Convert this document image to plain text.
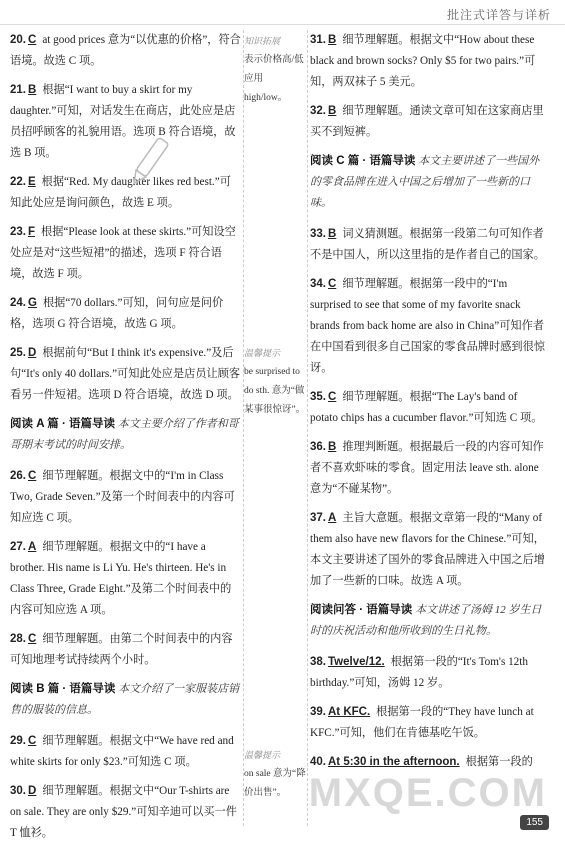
批注式详答与详析

20. C at good prices 意为“以优惠的价格”，符合语境。故选 C 项。

21. B 根据“I want to buy a skirt for my daughter.”可知，对话发生在商店，此处应是店员招呼顾客的礼貌用语。选项 B 符合语境，故选 B 项。

22. E 根据“Red. My daughter likes red best.”可知此处应是询问颜色，故选 E 项。

23. F 根据“Please look at these skirts.”可知设空处应是对“这些短裙”的描述，选项 F 符合语境，故选 F 项。

24. G 根据“70 dollars.”可知，问句应是问价格，选项 G 符合语境，故选 G 项。

25. D 根据前句“But I think it's expensive.”及后句“It's only 40 dollars.”可知此处应是店员让顾客看另一件短裙。选项 D 符合语境，故选 D 项。

阅读 A 篇 · 语篇导读 本文主要介绍了作者和哥哥期末考试的时间安排。

26. C 细节理解题。根据文中的“I'm in Class Two, Grade Seven.”及第一个时间表中的内容可知应选 C 项。

27. A 细节理解题。根据文中的“I have a brother. His name is Li Yu. He's thirteen. He's in Class Three, Grade Eight.”及第二个时间表中的内容可知应选 A 项。

28. C 细节理解题。由第二个时间表中的内容可知地理考试持续两个小时。

阅读 B 篇 · 语篇导读 本文介绍了一家服装店销售的服装的信息。

29. C 细节理解题。根据文中“We have red and white skirts for only $23.”可知选 C 项。

30. D 细节理解题。根据文中“Our T-shirts are on sale. They are only $29.”可知辛迪可以买一件 T 恤衫。

知识拓展
表示价格高/低应用 high/low。
温馨提示
be surprised to do sth. 意为“做某事很惊讶”。
温馨提示
on sale 意为“降价出售”。

31. B 细节理解题。根据文中“How about these black and brown socks? Only $5 for two pairs.”可知，两双袜子 5 美元。

32. B 细节理解题。通读文章可知在这家商店里买不到短裤。

阅读 C 篇 · 语篇导读 本文主要讲述了一些国外的零食品牌在进入中国之后增加了一些新的口味。

33. B 词义猜测题。根据第一段第二句可知作者不是中国人，所以这里指的是作者自己的国家。

34. C 细节理解题。根据第一段中的“I'm surprised to see that some of my favorite snack brands from back home are also in China”可知作者在中国看到很多自己国家的零食品牌时感到很惊讶。

35. C 细节理解题。根据“The Lay's band of potato chips has a cucumber flavor.”可知选 C 项。

36. B 推理判断题。根据最后一段的内容可知作者不喜欢虾味的零食。固定用法 leave sth. alone 意为“不碰某物”。

37. A 主旨大意题。根据文章第一段的“Many of them also have new flavors for the Chinese.”可知，本文主要讲述了国外的零食品牌进入中国之后增加了一些新的口味。故选 A 项。

阅读问答 · 语篇导读 本文讲述了汤姆 12 岁生日时的庆祝活动和他所收到的生日礼物。

38. Twelve/12. 根据第一段的“It's Tom's 12th birthday.”可知，汤姆 12 岁。

39. At KFC. 根据第一段的“They have lunch at KFC.”可知，他们在肯德基吃午饭。

40. At 5:30 in the afternoon. 根据第一段的

MXQE.COM
155
